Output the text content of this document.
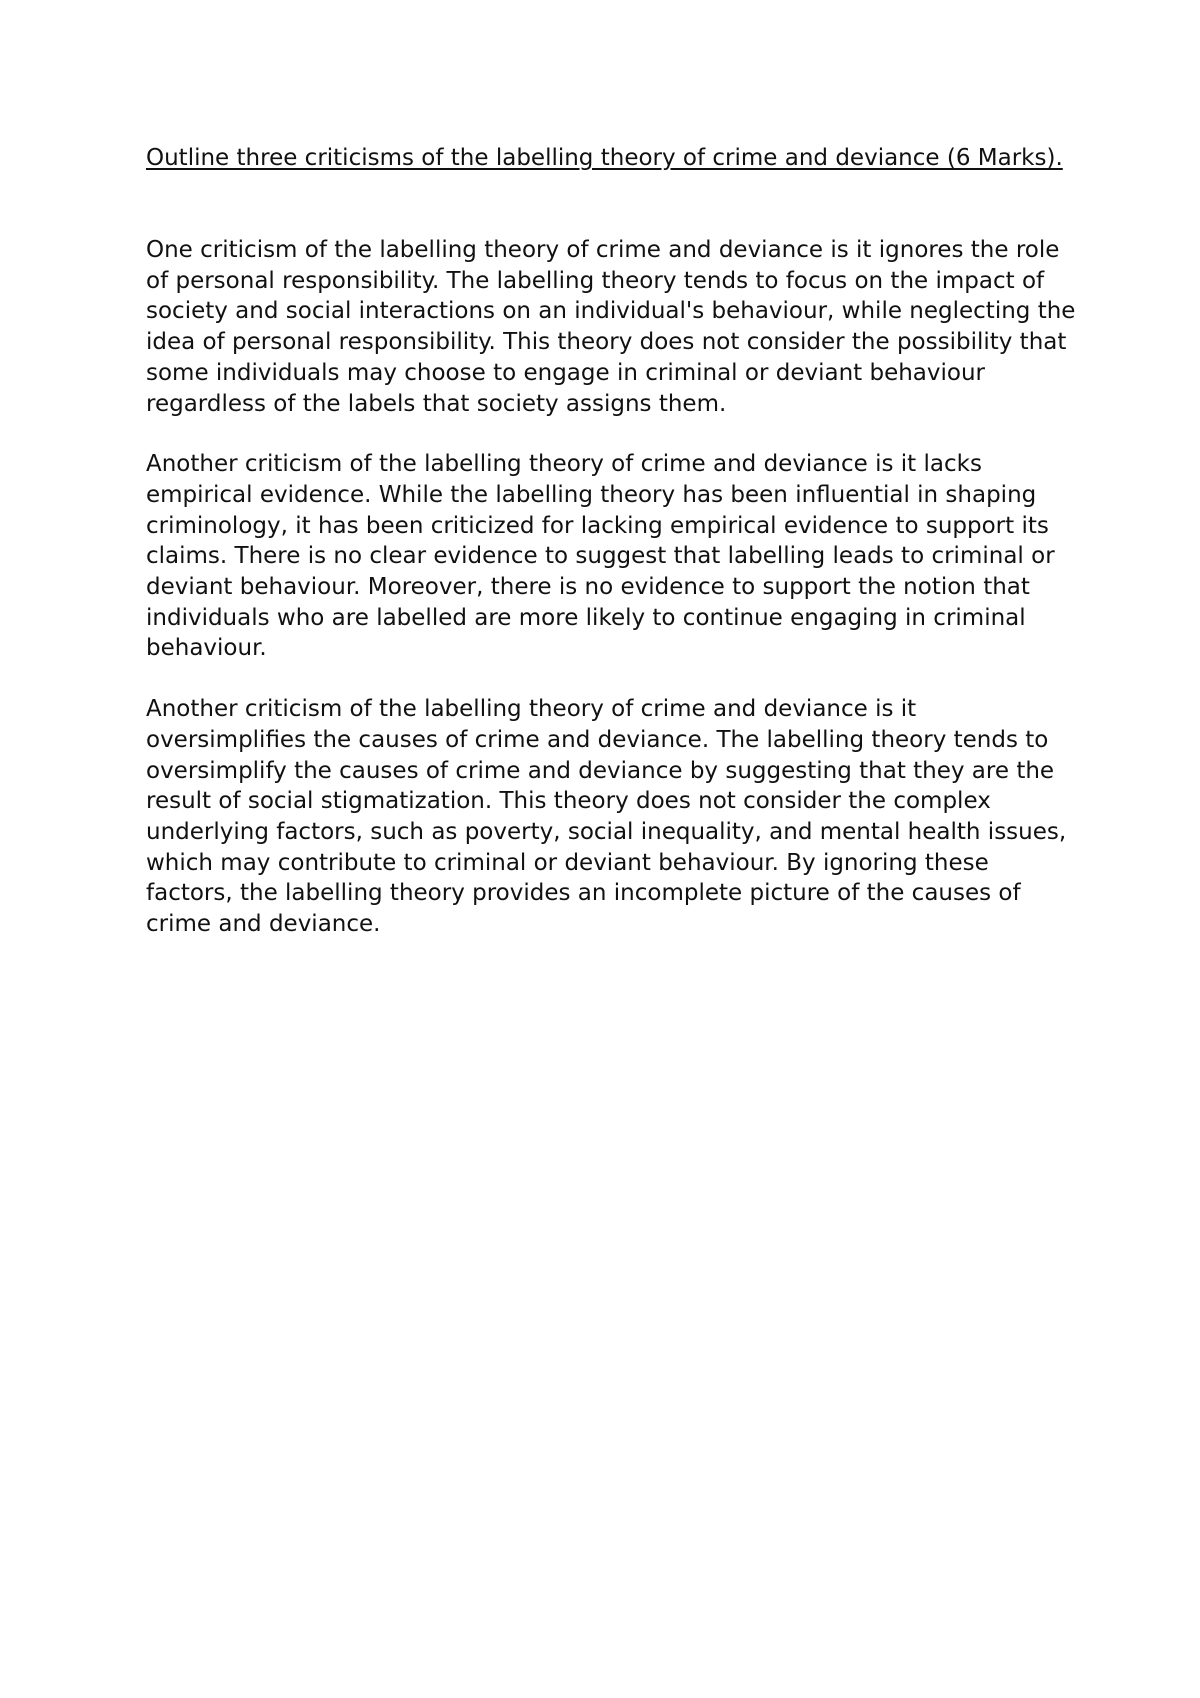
Outline three criticisms of the labelling theory of crime and deviance (6 Marks).

One criticism of the labelling theory of crime and deviance is it ignores the role of personal responsibility. The labelling theory tends to focus on the impact of society and social interactions on an individual's behaviour, while neglecting the idea of personal responsibility. This theory does not consider the possibility that some individuals may choose to engage in criminal or deviant behaviour regardless of the labels that society assigns them.

Another criticism of the labelling theory of crime and deviance is it lacks empirical evidence. While the labelling theory has been influential in shaping criminology, it has been criticized for lacking empirical evidence to support its claims. There is no clear evidence to suggest that labelling leads to criminal or deviant behaviour. Moreover, there is no evidence to support the notion that individuals who are labelled are more likely to continue engaging in criminal behaviour.

Another criticism of the labelling theory of crime and deviance is it oversimplifies the causes of crime and deviance. The labelling theory tends to oversimplify the causes of crime and deviance by suggesting that they are the result of social stigmatization. This theory does not consider the complex underlying factors, such as poverty, social inequality, and mental health issues, which may contribute to criminal or deviant behaviour. By ignoring these factors, the labelling theory provides an incomplete picture of the causes of crime and deviance.
